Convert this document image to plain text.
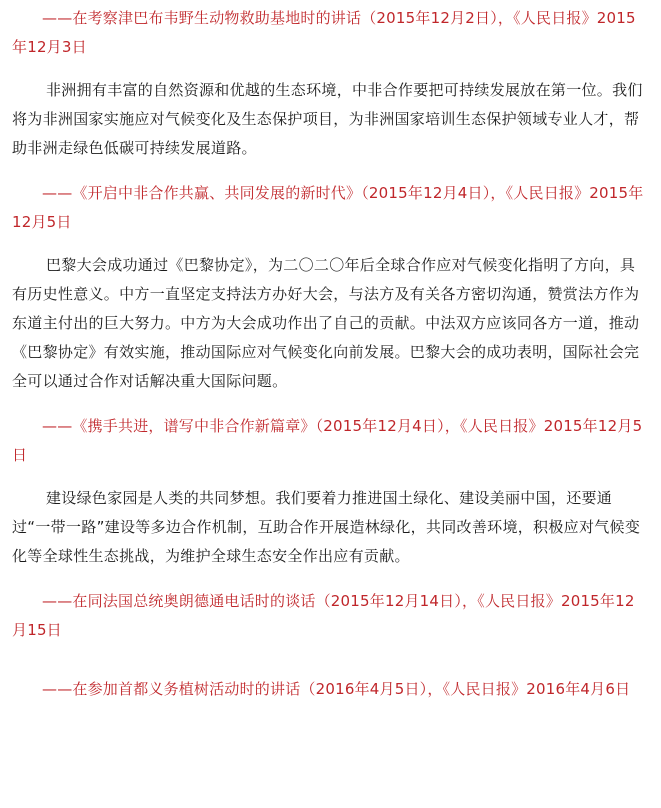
——在考察津巴布韦野生动物救助基地时的讲话（2015年12月2日），《人民日报》2015年12月3日

非洲拥有丰富的自然资源和优越的生态环境，中非合作要把可持续发展放在第一位。我们将为非洲国家实施应对气候变化及生态保护项目，为非洲国家培训生态保护领域专业人才，帮助非洲走绿色低碳可持续发展道路。

——《开启中非合作共赢、共同发展的新时代》（2015年12月4日），《人民日报》2015年12月5日

巴黎大会成功通过《巴黎协定》，为二〇二〇年后全球合作应对气候变化指明了方向，具有历史性意义。中方一直坚定支持法方办好大会，与法方及有关各方密切沟通，赞赏法方作为东道主付出的巨大努力。中方为大会成功作出了自己的贡献。中法双方应该同各方一道，推动《巴黎协定》有效实施，推动国际应对气候变化向前发展。巴黎大会的成功表明，国际社会完全可以通过合作对话解决重大国际问题。

——《携手共进，谱写中非合作新篇章》（2015年12月4日），《人民日报》2015年12月5日

建设绿色家园是人类的共同梦想。我们要着力推进国土绿化、建设美丽中国，还要通过“一带一路”建设等多边合作机制，互助合作开展造林绿化，共同改善环境，积极应对气候变化等全球性生态挑战，为维护全球生态安全作出应有贡献。

——在同法国总统奥朗德通电话时的谈话（2015年12月14日），《人民日报》2015年12月15日

——在参加首都义务植树活动时的讲话（2016年4月5日），《人民日报》2016年4月6日
